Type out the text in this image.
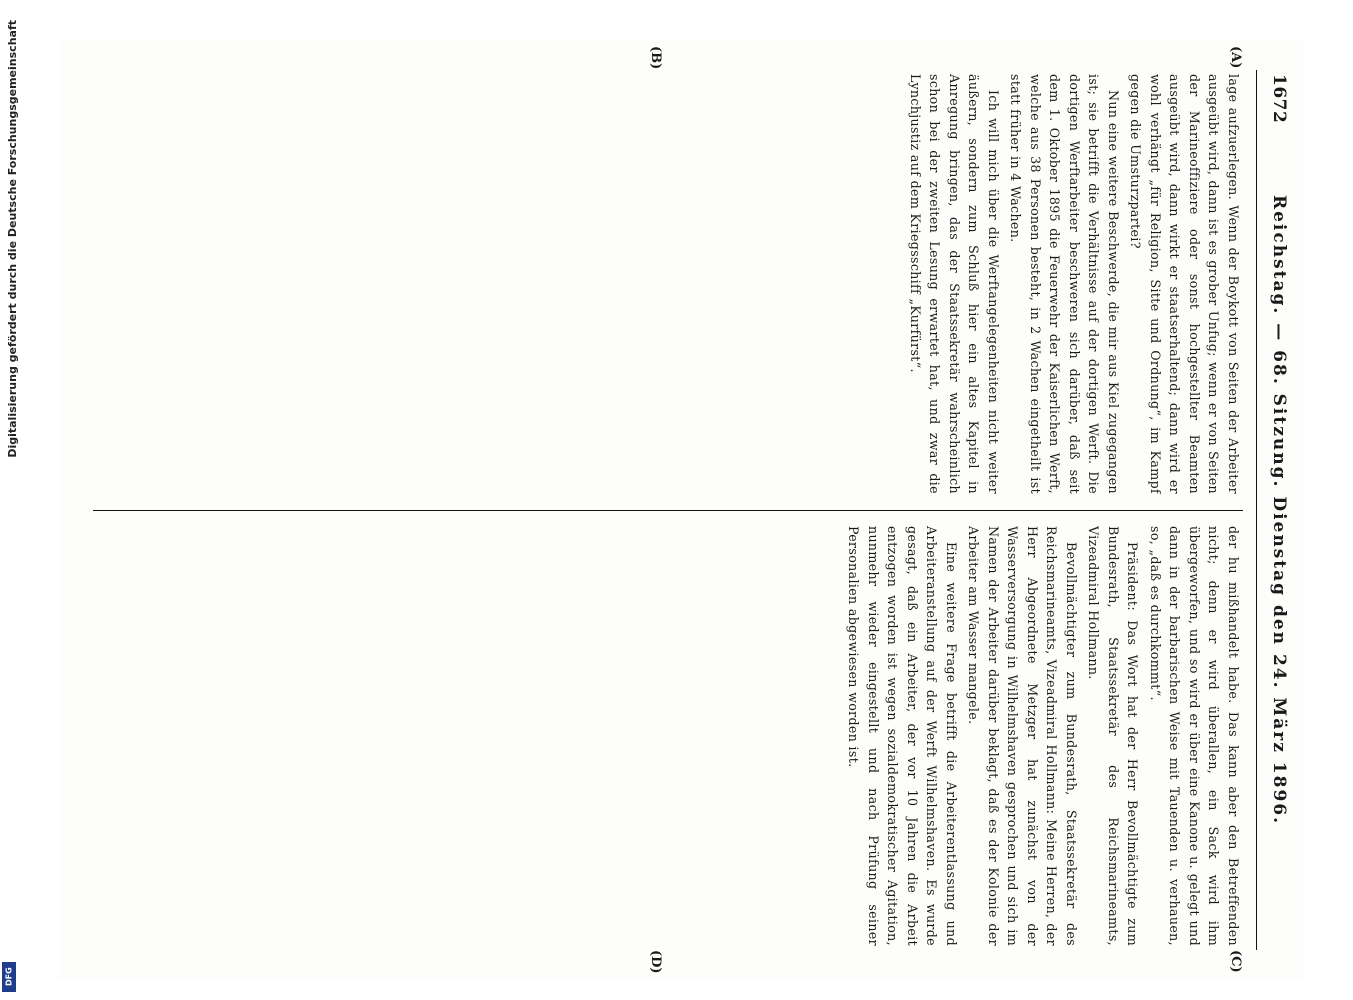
1672
Reichstag. — 68. Sitzung. Dienstag den 24. März 1896.
(A)
(B)
(C)
(D)

lage aufzuerlegen. Wenn der Boykott von Seiten der Arbeiter ausgeübt wird, dann ist es grober Unfug; wenn er von Seiten der Marineoffiziere oder sonst hochgestellter Beamten ausgeübt wird, dann wirkt er staatserhaltend; dann wird er wohl verhängt „für Religion, Sitte und Ordnung“, im Kampf gegen die Umsturzpartei?

Nun eine weitere Beschwerde, die mir aus Kiel zugegangen ist; sie betrifft die Verhältnisse auf der dortigen Werft. Die dortigen Werftarbeiter beschweren sich darüber, daß seit dem 1. Oktober 1895 die Feuerwehr der Kaiserlichen Werft, welche aus 38 Personen besteht, in 2 Wachen eingetheilt ist statt früher in 4 Wachen.

Ich will mich über die Werftangelegenheiten nicht weiter äußern, sondern zum Schluß hier ein altes Kapitel in Anregung bringen, das der Staatssekretär wahrscheinlich schon bei der zweiten Lesung erwartet hat, und zwar die Lynchjustiz auf dem Kriegsschiff „Kurfürst“.

der hu mißhandelt habe. Das kann aber den Betreffenden nicht; denn er wird überallen, ein Sack wird ihm übergeworfen, und so wird er über eine Kanone u. gelegt und dann in der barbarischen Weise mit Tauenden u. verhauen, so, „daß es durchkommt“.

Präsident: Das Wort hat der Herr Bevollmächtigte zum Bundesrath, Staatssekretär des Reichsmarineamts, Vizeadmiral Hollmann.

Bevollmächtigter zum Bundesrath, Staatssekretär des Reichsmarineamts, Vizeadmiral Hollmann: Meine Herren, der Herr Abgeordnete Metzger hat zunächst von der Wasserversorgung in Wilhelmshaven gesprochen und sich im Namen der Arbeiter darüber beklagt, daß es der Kolonie der Arbeiter am Wasser mangele.

Eine weitere Frage betrifft die Arbeiterentlassung und Arbeiteranstellung auf der Werft Wilhelmshaven. Es wurde gesagt, daß ein Arbeiter, der vor 10 Jahren die Arbeit entzogen worden ist wegen sozialdemokratischer Agitation, nunmehr wieder eingestellt und nach Prüfung seiner Personalien abgewiesen worden ist.

Digitalisierung gefördert durch die Deutsche Forschungsgemeinschaft
DFG
